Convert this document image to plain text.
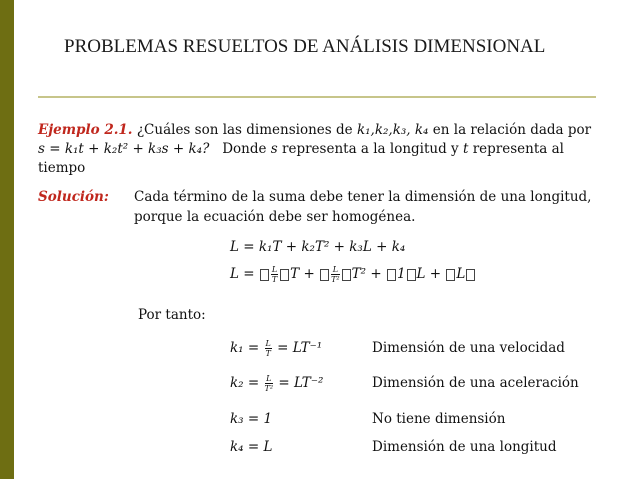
PROBLEMAS RESUELTOS DE ANÁLISIS DIMENSIONAL
Ejemplo 2.1. ¿Cuáles son las dimensiones de k₁,k₂,k₃, k₄ en la relación dada por
s = k₁t + k₂t² + k₃s + k₄? Donde s representa a la longitud y t representa al
tiempo
Solución: Cada término de la suma debe tener la dimensión de una longitud,
porque la ecuación debe ser homogénea.
L = k₁T + k₂T² + k₃L + k₄
$L = \frac{L}{T}$ $T + \frac{L}{\text{T²}} T^2 + 1$ L + L
Por tanto:
$k_1 = \frac{L}{T} = LT^{-1}$	Dimensión de una velocidad
$k_2 = \frac{L}{\text{T²}} = LT^{-2}$	Dimensión de una aceleración
k₃ = 1	No tiene dimensión
k₄ = L	Dimensión de una longitud
